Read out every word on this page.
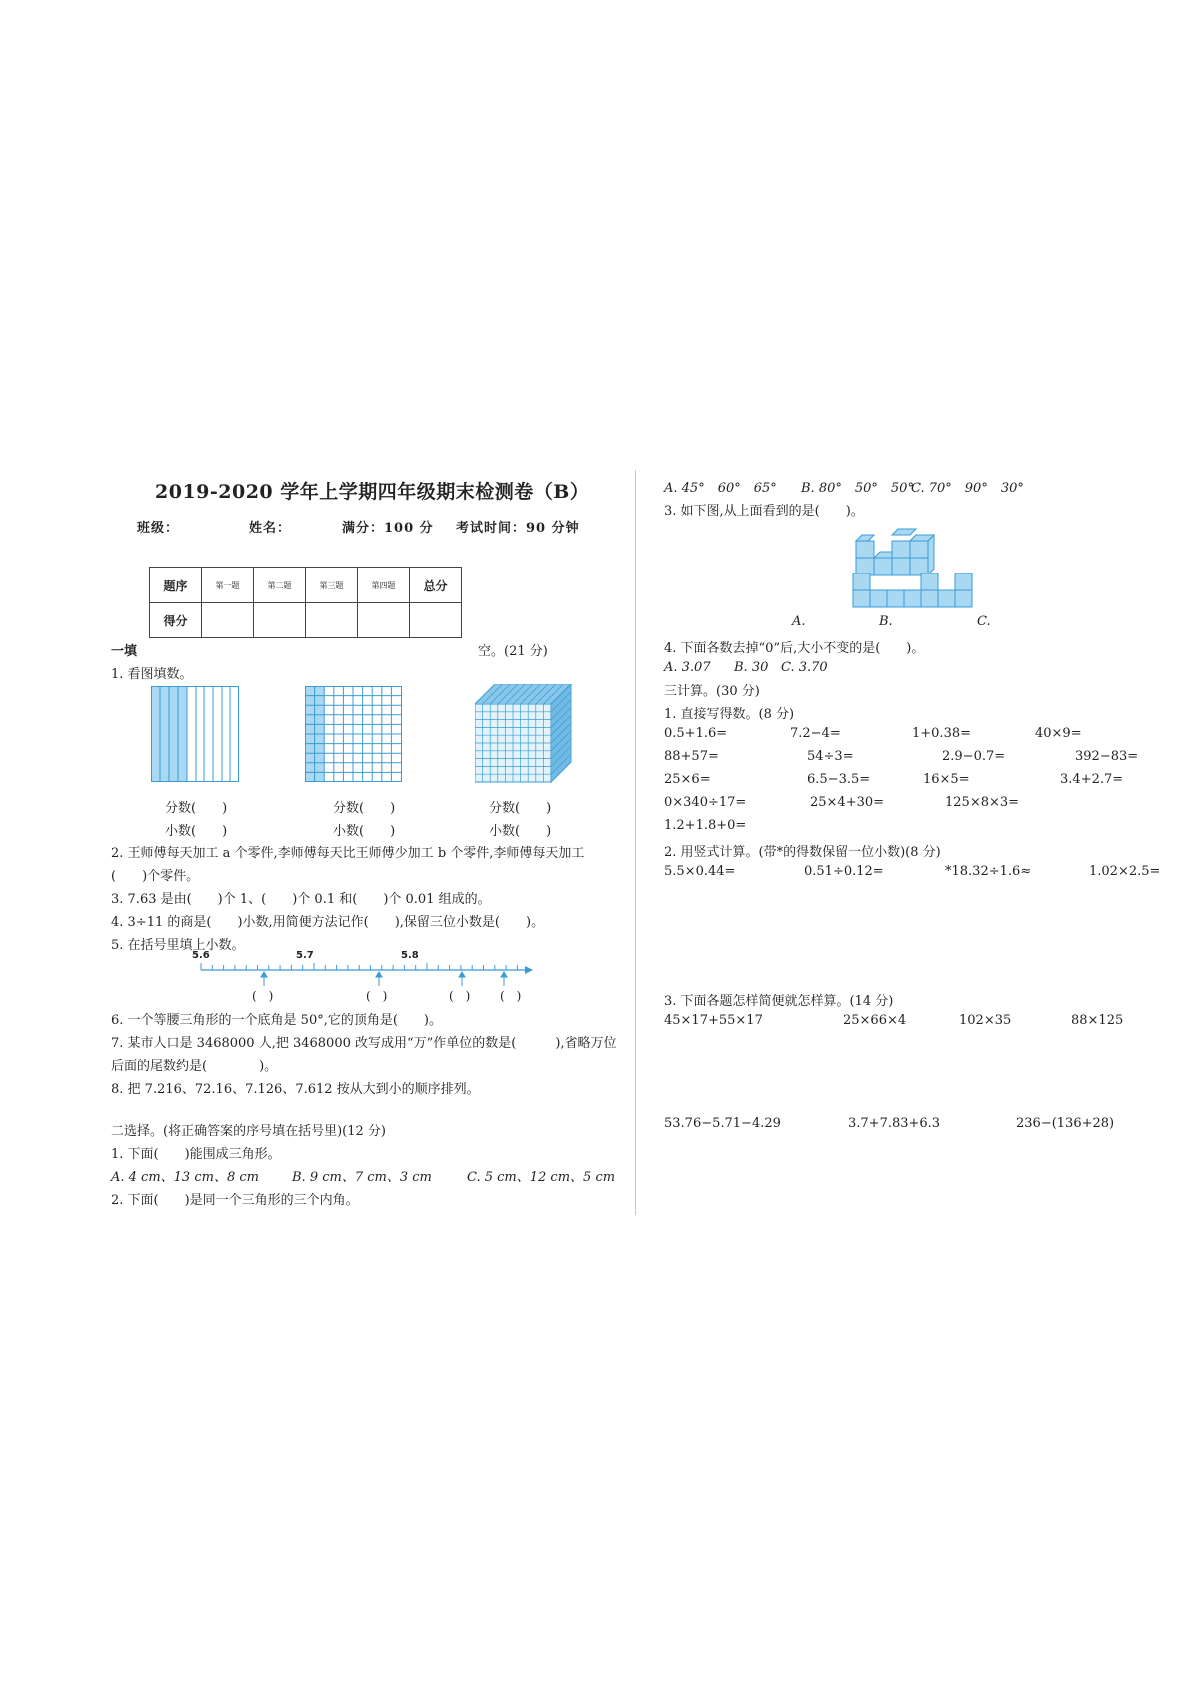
2019-2020 学年上学期四年级期末检测卷（B）
班级：	姓名：	满分：100 分 考试时间：90 分钟
题序	第一题	第二题	第三题	第四题	总分
得分					
一填	空。(21 分)
1. 看图填数。
分数(　　)
小数(　　)
分数(　　)
小数(　　)
分数(　　)
小数(　　)
2. 王师傅每天加工 a 个零件,李师傅每天比王师傅少加工 b 个零件,李师傅每天加工
(　　)个零件。
3. 7.63 是由(　　)个 1、(　　)个 0.1 和(　　)个 0.01 组成的。
4. 3÷11 的商是(　　)小数,用简便方法记作(　　),保留三位小数是(　　)。
5. 在括号里填上小数。
5.6	5.7	5.8
(　)	(　)	(　) (　)
6. 一个等腰三角形的一个底角是 50°,它的顶角是(　　)。
7. 某市人口是 3468000 人,把 3468000 改写成用“万”作单位的数是(　　　),省略万位
后面的尾数约是(　　　　)。
8. 把 7.216、72.16、7.126、7.612 按从大到小的顺序排列。
二选择。(将正确答案的序号填在括号里)(12 分)
1. 下面(　　)能围成三角形。
A. 4 cm、13 cm、8 cm	B. 9 cm、7 cm、3 cm	C. 5 cm、12 cm、5 cm
2. 下面(　　)是同一个三角形的三个内角。
A. 45°　60°　65° B. 80°　50°　50°
C. 70°　90°　30°
3. 如下图,从上面看到的是(　　)。
A.	B.	C.
4. 下面各数去掉“0”后,大小不变的是(　　)。
A. 3.07 B. 30 C. 3.70
三计算。(30 分)
1. 直接写得数。(8 分)
0.5+1.6=	7.2−4=	1+0.38=	40×9=
88+57=	54÷3=	2.9−0.7=	392−83=
25×6=	6.5−3.5=	16×5=	3.4+2.7=
0×340÷17=	25×4+30=	125×8×3=
1.2+1.8+0=
2. 用竖式计算。(带*的得数保留一位小数)(8 分)
5.5×0.44=	0.51÷0.12=	*18.32÷1.6≈	1.02×2.5=
3. 下面各题怎样简便就怎样算。(14 分)
45×17+55×17	25×66×4	102×35	88×125
53.76−5.71−4.29	3.7+7.83+6.3	236−(136+28)
